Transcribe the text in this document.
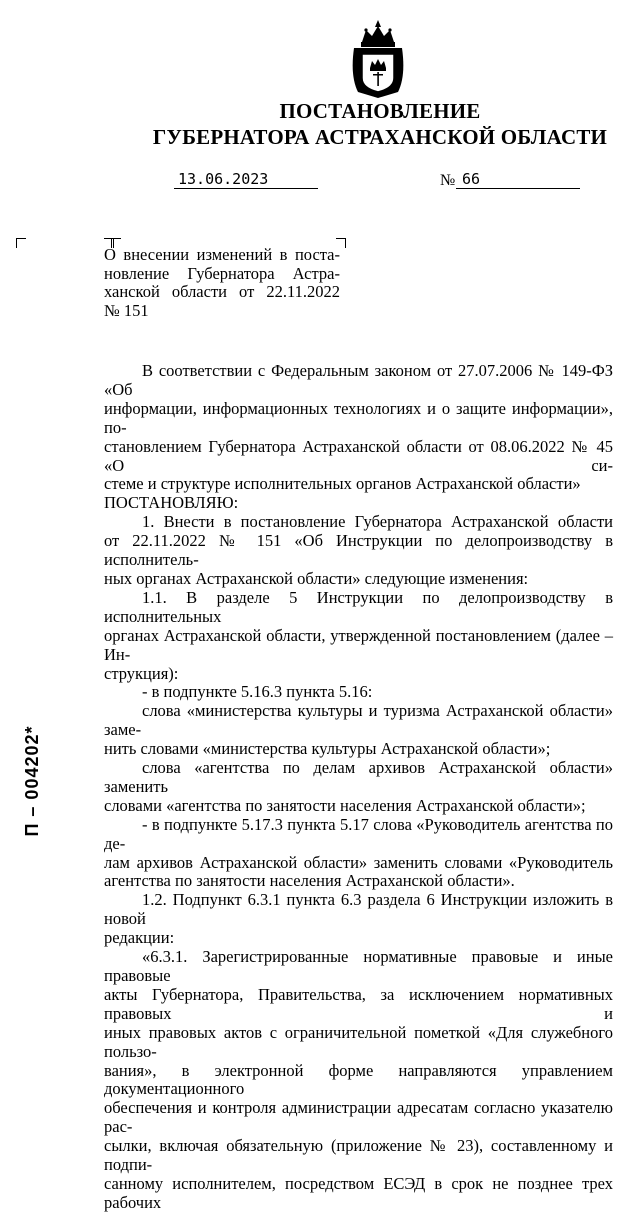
ПОСТАНОВЛЕНИЕ
ГУБЕРНАТОРА АСТРАХАНСКОЙ ОБЛАСТИ
13.06.2023	№ 66

О внесении изменений в поста-

новление Губернатора Астра-

ханской области от 22.11.2022

№ 151

В соответствии с Федеральным законом от 27.07.2006 № 149-ФЗ «Об

информации, информационных технологиях и о защите информации», по-

становлением Губернатора Астраханской области от 08.06.2022 № 45 «О си-

стеме и структуре исполнительных органов Астраханской области»

ПОСТАНОВЛЯЮ:

1. Внести в постановление Губернатора Астраханской области

от 22.11.2022 № 151 «Об Инструкции по делопроизводству в исполнитель-

ных органах Астраханской области» следующие изменения:

1.1. В разделе 5 Инструкции по делопроизводству в исполнительных

органах Астраханской области, утвержденной постановлением (далее – Ин-

струкция):

- в подпункте 5.16.3 пункта 5.16:

слова «министерства культуры и туризма Астраханской области» заме-

нить словами «министерства культуры Астраханской области»;

слова «агентства по делам архивов Астраханской области» заменить

словами «агентства по занятости населения Астраханской области»;

- в подпункте 5.17.3 пункта 5.17 слова «Руководитель агентства по де-

лам архивов Астраханской области» заменить словами «Руководитель

агентства по занятости населения Астраханской области».

1.2. Подпункт 6.3.1 пункта 6.3 раздела 6 Инструкции изложить в новой

редакции:

«6.3.1. Зарегистрированные нормативные правовые и иные правовые

акты Губернатора, Правительства, за исключением нормативных правовых и

иных правовых актов с ограничительной пометкой «Для служебного пользо-

вания», в электронной форме направляются управлением документационного

обеспечения и контроля администрации адресатам согласно указателю рас-

сылки, включая обязательную (приложение № 23), составленному и подпи-

санному исполнителем, посредством ЕСЭД в срок не позднее трех рабочих

П – 004202*
